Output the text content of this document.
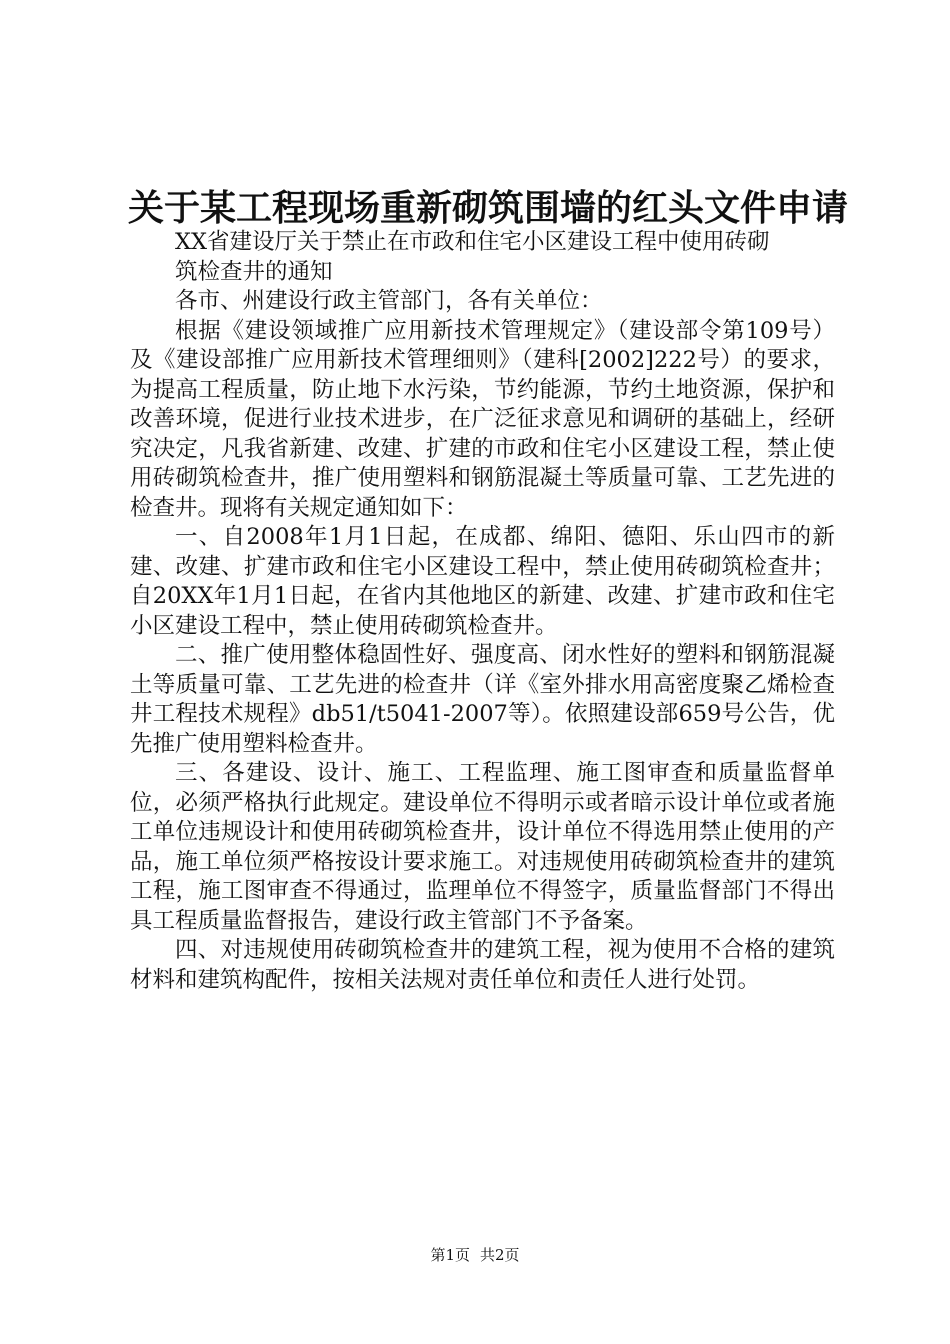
关于某工程现场重新砌筑围墙的红头文件申请

XX省建设厅关于禁止在市政和住宅小区建设工程中使用砖砌

筑检查井的通知

各市、州建设行政主管部门，各有关单位：

根据《建设领域推广应用新技术管理规定》（建设部令第109号）及《建设部推广应用新技术管理细则》（建科[2002]222号）的要求，为提高工程质量，防止地下水污染，节约能源，节约土地资源，保护和改善环境，促进行业技术进步，在广泛征求意见和调研的基础上，经研究决定，凡我省新建、改建、扩建的市政和住宅小区建设工程，禁止使用砖砌筑检查井，推广使用塑料和钢筋混凝土等质量可靠、工艺先进的检查井。现将有关规定通知如下：

一、自2008年1月1日起，在成都、绵阳、德阳、乐山四市的新建、改建、扩建市政和住宅小区建设工程中，禁止使用砖砌筑检查井；自20XX年1月1日起，在省内其他地区的新建、改建、扩建市政和住宅小区建设工程中，禁止使用砖砌筑检查井。

二、推广使用整体稳固性好、强度高、闭水性好的塑料和钢筋混凝土等质量可靠、工艺先进的检查井（详《室外排水用高密度聚乙烯检查井工程技术规程》db51/t5041-2007等）。依照建设部659号公告，优先推广使用塑料检查井。

三、各建设、设计、施工、工程监理、施工图审查和质量监督单位，必须严格执行此规定。建设单位不得明示或者暗示设计单位或者施工单位违规设计和使用砖砌筑检查井，设计单位不得选用禁止使用的产品，施工单位须严格按设计要求施工。对违规使用砖砌筑检查井的建筑工程，施工图审查不得通过，监理单位不得签字，质量监督部门不得出具工程质量监督报告，建设行政主管部门不予备案。

四、对违规使用砖砌筑检查井的建筑工程，视为使用不合格的建筑材料和建筑构配件，按相关法规对责任单位和责任人进行处罚。

第1页 共2页
